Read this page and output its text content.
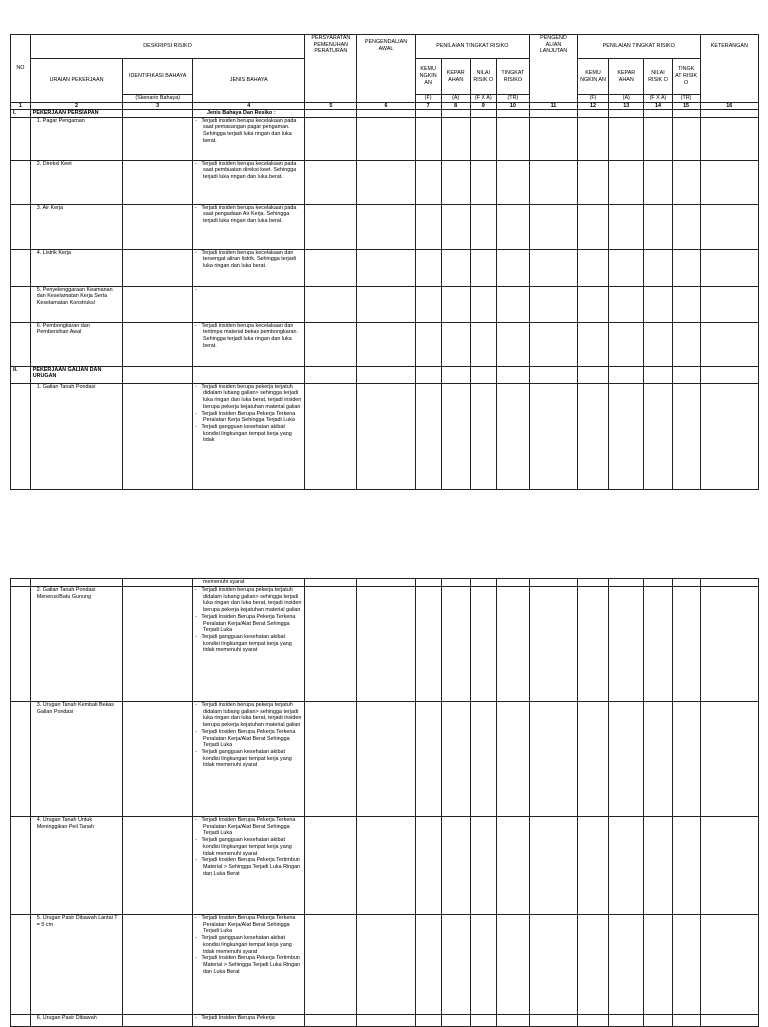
NO	DESKRIPSI RISIKO			PERSYARATAN PEMENUHAN PERATURAN	PENGENDALIAN AWAL	PENILAIAN TINGKAT RISIKO				PENGEND ALIAN LANJUTAN	PENILAIAN TINGKAT RISIKO				KETERANGAN
	URAIAN PEKERJAAN	IDENTIFIKASI BAHAYA	JENIS BAHAYA			KEMU NGKIN AN	KEPAR AHAN	NILAI RISIK O	TINGKAT RISIKO		KEMU NGKIN AN	KEPAR AHAN	NILAI RISIK O	TINGK AT RISIK O	
		(Skenario Bahaya)				(F)	(A)	(F X A)	(TR)		(F)	(A)	(F X A)	(TR)	
1	2	3	4	5	6	7	8	9	10	11	12	13	14	15	16
I.	PEKERJAAN PERSIAPAN		Jenis Bahaya Dan Resiko :												

	1. Pagar Pengaman		-   Terjadi insiden berupa kecelakaan pada saat pemasangan pagar pengaman. Sehingga terjadi luka ringan dan luka berat.												

	2. Direksi Keet		-   Terjadi insiden berupa kecelakaan pada saat pembuatan direksi keet. Sehingga terjadi luka ringan dan luka berat.												

	3. Air Kerja		-   Terjadi insiden berupa kecelakaan pada saat pengadaan Air Kerja. Sehingga terjadi luka ringan dan luka berat.												

	4. Listrik Kerja		-   Terjadi insiden berupa kecelakaan dan tersengat aliran listrik. Sehingga terjadi luka ringan dan luka berat.												

	5. Penyelenggaraan Keamanan dan Keselamatan Kerja Serta Keselamatan Konstruksi		-												

	6. Pembongkaran dan Pembersihan Awal		-   Terjadi insiden berupa kecelakaan dan tertimpa material bekas pembongkaran. Sehingga terjadi luka ringan dan luka berat.												

II.	PEKERJAAN GALIAN DAN URUGAN														

	1. Galian Tanah Pondasi		-   Terjadi insiden berupa pekerja terjatuh didalam lubang galian> sehingga terjadi luka ringan dan luka berat, terjadi insiden berupa pekerja kejatuhan material galian
-   Terjadi Insiden Berupa Pekerja Terkena Peralatan Kerja Sehingga Terjadi Luka
-   Terjadi gangguan kesehatan akibat kondisi lingkungan tempat kerja yang tidak												

			memenuhi syarat												

	2. Galian Tanah Pondasi Menerus/Batu Gunung		-   Terjadi insiden berupa pekerja terjatuh didalam lubang galian> sehingga terjadi luka ringan dan luka berat, terjadi insiden berupa pekerja kejatuhan material galian
-   Terjadi Insiden Berupa Pekerja Terkena Peralatan Kerja/Alat Berat Sehingga Terjadi Luka
-   Terjadi gangguan kesehatan akibat kondisi lingkungan tempat kerja yang tidak memenuhi syarat												

	3. Urugan Tanah Kembali Bekas Galian Pondasi		-   Terjadi insiden berupa pekerja terjatuh didalam lubang galian> sehingga terjadi luka ringan dan luka berat, terjadi insiden berupa pekerja kejatuhan material galian
-   Terjadi Insiden Berupa Pekerja Terkena Peralatan Kerja/Alat Berat Sehingga Terjadi Luka
-   Terjadi gangguan kesehatan akibat kondisi lingkungan tempat kerja yang tidak memenuhi syarat												

	4. Urugan Tanah Untuk Meninggikan Peil Tanah		-   Terjadi Insiden Berupa Pekerja Terkena Peralatan Kerja/Alat Berat Sehingga Terjadi Luka
-   Terjadi gangguan kesehatan akibat kondisi lingkungan tempat kerja yang tidak memenuhi syarat
-   Terjadi Insiden Berupa Pekerja Tertimbun Material > Sehingga Terjadi Luka Ringan dan Luka Berat												

	5. Urugan Pasir Dibawah Lantai T = 5 cm		-   Terjadi Insiden Berupa Pekerja Terkena Peralatan Kerja/Alat Berat Sehingga Terjadi Luka
-   Terjadi gangguan kesehatan akibat kondisi lingkungan tempat kerja yang tidak memenuhi syarat
-   Terjadi Insiden Berupa Pekerja Tertimbun Material > Sehingga Terjadi Luka Ringan dan Luka Berat												

	6. Urugan Pasir Dibawah		-   Terjadi Insiden Berupa Pekerja												
